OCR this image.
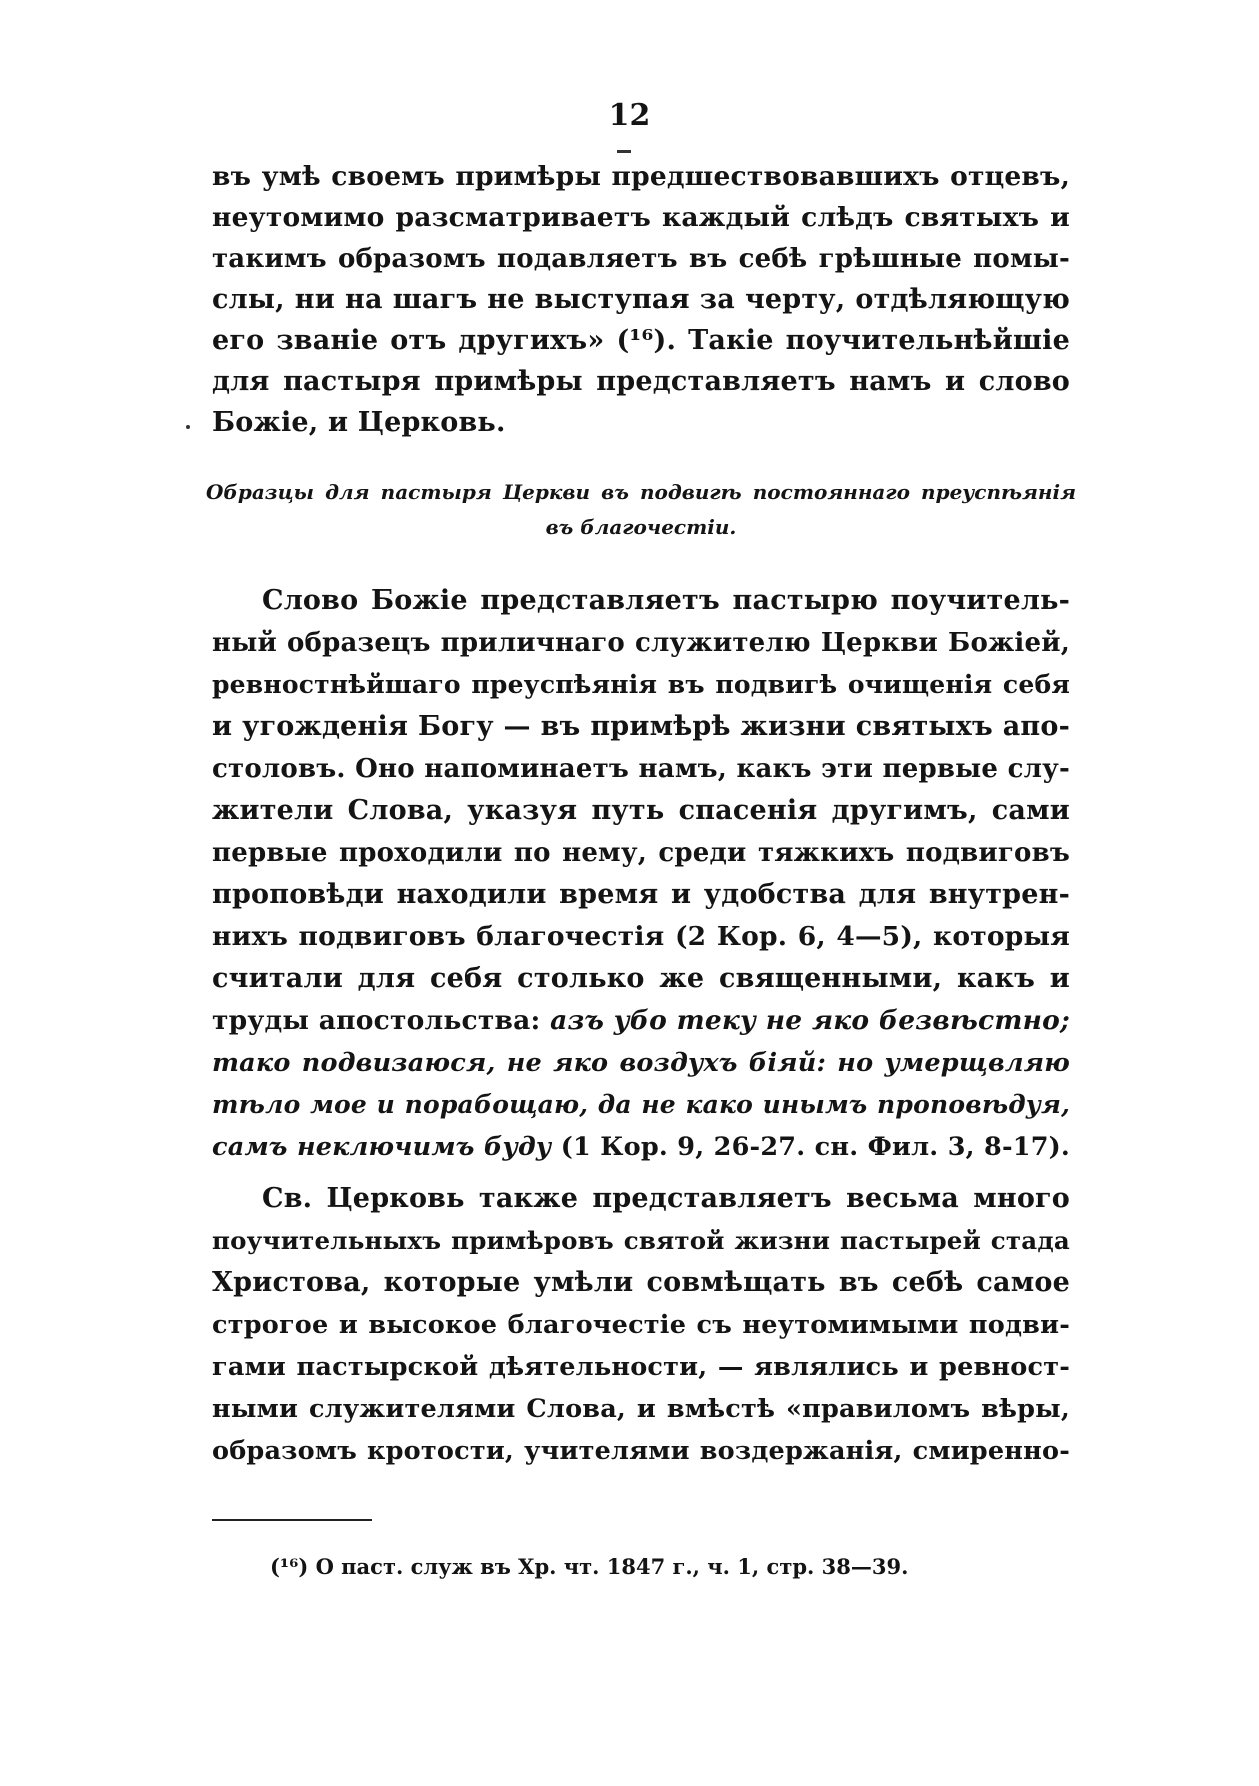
12
въ умѣ своемъ примѣры предшествовавшихъ отцевъ,
неутомимо разсматриваетъ каждый слѣдъ святыхъ и
такимъ образомъ подавляетъ въ себѣ грѣшные помы-
слы, ни на шагъ не выступая за черту, отдѣляющую
его званіе отъ другихъ» (¹⁶). Такіе поучительнѣйшіе
для пастыря примѣры представляетъ намъ и слово
Божіе, и Церковь.
Образцы для пастыря Церкви въ подвигѣ постояннаго преуспѣянія
въ благочестіи.
Слово Божіе представляетъ пастырю поучитель-
ный образецъ приличнаго служителю Церкви Божіей,
ревностнѣйшаго преуспѣянія въ подвигѣ очищенія себя
и угожденія Богу — въ примѣрѣ жизни святыхъ апо-
столовъ. Оно напоминаетъ намъ, какъ эти первые слу-
жители Слова, указуя путь спасенія другимъ, сами
первые проходили по нему, среди тяжкихъ подвиговъ
проповѣди находили время и удобства для внутрен-
нихъ подвиговъ благочестія (2 Кор. 6, 4—5), которыя
считали для себя столько же священными, какъ и
труды апостольства: азъ убо теку не яко безвѣстно;
тако подвизаюся, не яко воздухъ біяй: но умерщвляю
тѣло мое и порабощаю, да не како инымъ проповѣдуя,
самъ неключимъ буду (1 Кор. 9, 26-27. сн. Фил. 3, 8-17).
Св. Церковь также представляетъ весьма много
поучительныхъ примѣровъ святой жизни пастырей стада
Христова, которые умѣли совмѣщать въ себѣ самое
строгое и высокое благочестіе съ неутомимыми подви-
гами пастырской дѣятельности, — являлись и ревност-
ными служителями Слова, и вмѣстѣ «правиломъ вѣры,
образомъ кротости, учителями воздержанія, смиренно-
(¹⁶) О паст. служ въ Хр. чт. 1847 г., ч. 1, стр. 38—39.
